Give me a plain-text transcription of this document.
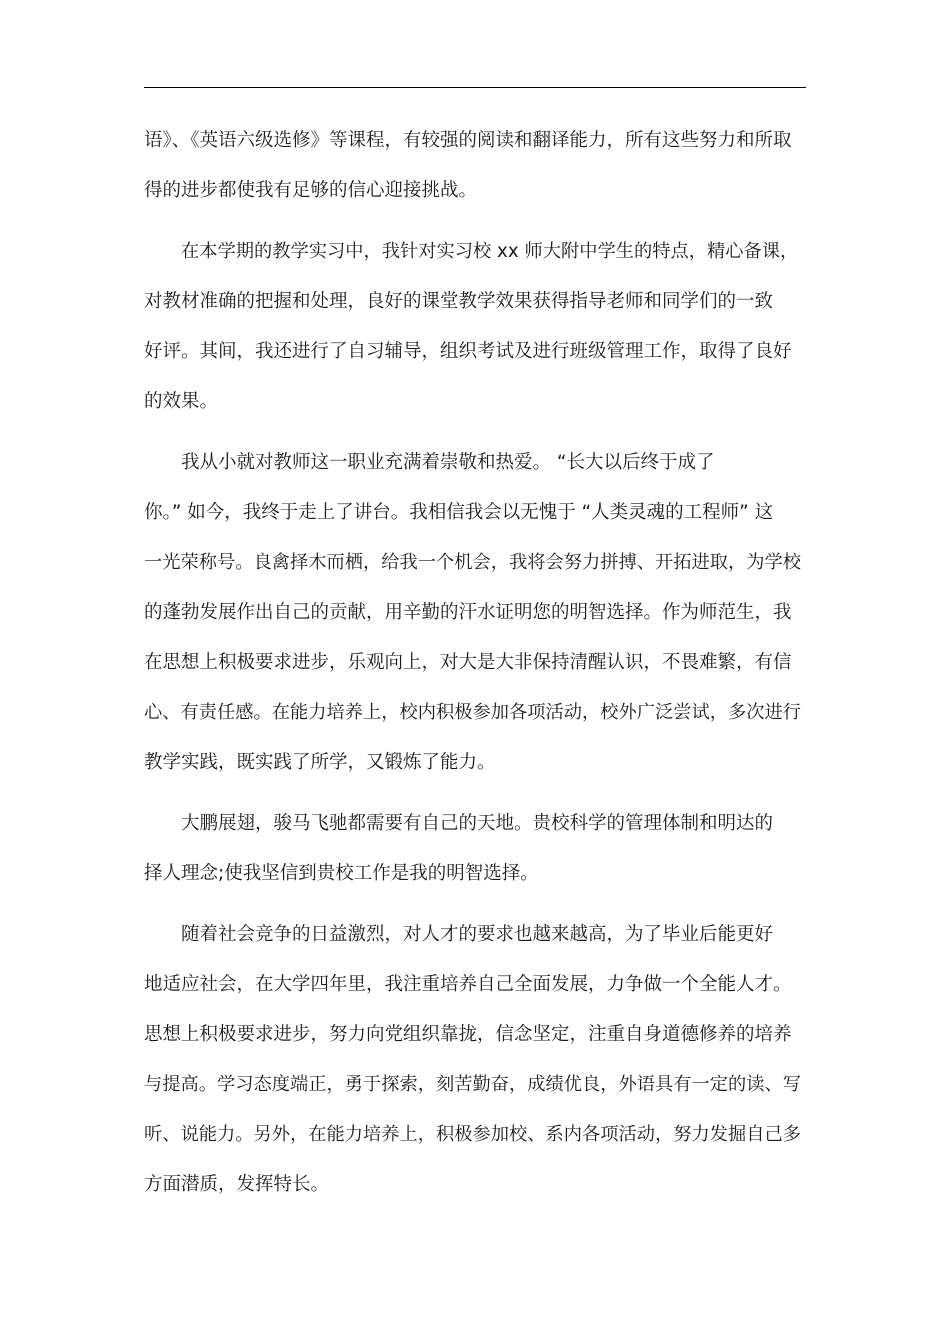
语》、《英语六级选修》等课程，有较强的阅读和翻译能力，所有这些努力和所取
得的进步都使我有足够的信心迎接挑战。
在本学期的教学实习中，我针对实习校 xx 师大附中学生的特点，精心备课，
对教材准确的把握和处理，良好的课堂教学效果获得指导老师和同学们的一致
好评。其间，我还进行了自习辅导，组织考试及进行班级管理工作，取得了良好
的效果。
我从小就对教师这一职业充满着崇敬和热爱。 “长大以后终于成了
你。” 如今，我终于走上了讲台。我相信我会以无愧于 “人类灵魂的工程师” 这
一光荣称号。良禽择木而栖，给我一个机会，我将会努力拼搏、开拓进取，为学校
的蓬勃发展作出自己的贡献，用辛勤的汗水证明您的明智选择。作为师范生，我
在思想上积极要求进步，乐观向上，对大是大非保持清醒认识，不畏难繁，有信
心、有责任感。在能力培养上，校内积极参加各项活动，校外广泛尝试，多次进行
教学实践，既实践了所学，又锻炼了能力。
大鹏展翅，骏马飞驰都需要有自己的天地。贵校科学的管理体制和明达的
择人理念;使我坚信到贵校工作是我的明智选择。
随着社会竞争的日益激烈，对人才的要求也越来越高，为了毕业后能更好
地适应社会，在大学四年里，我注重培养自己全面发展，力争做一个全能人才。
思想上积极要求进步，努力向党组织靠拢，信念坚定，注重自身道德修养的培养
与提高。学习态度端正，勇于探索，刻苦勤奋，成绩优良，外语具有一定的读、写
听、说能力。另外，在能力培养上，积极参加校、系内各项活动，努力发掘自己多
方面潜质，发挥特长。
